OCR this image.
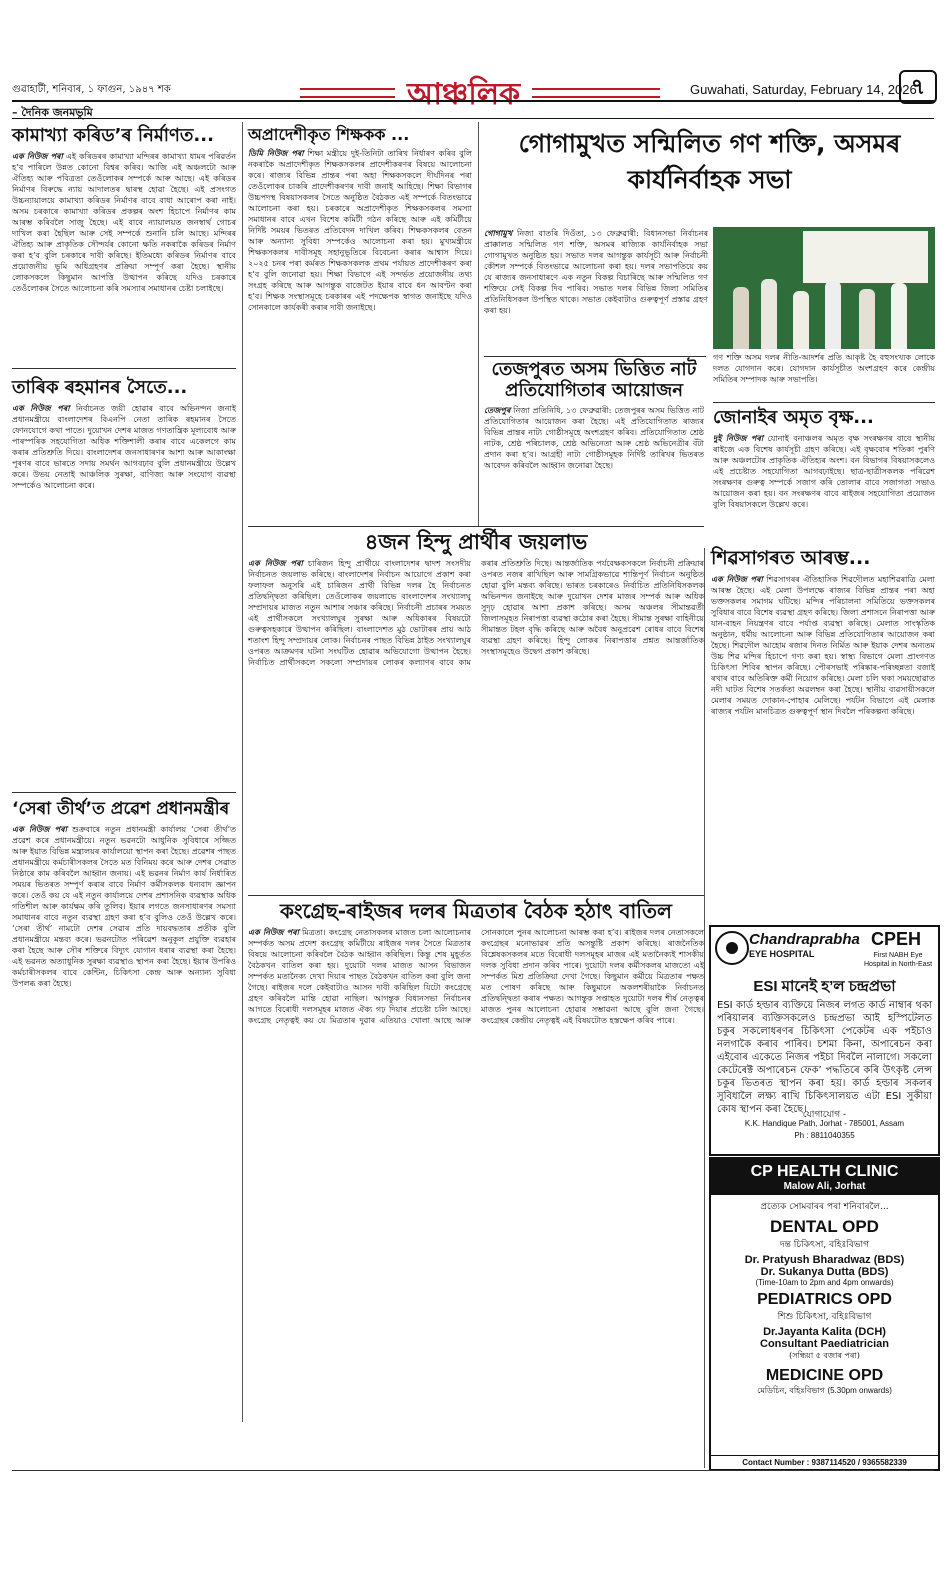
গুৱাহাটী, শনিবাৰ, ১ ফাগুন, ১৯৪৭ শক	আঞ্চলিক	Guwahati, Saturday, February 14, 2026
৭
– দৈনিক জনমভূমি
কামাখ্যা কৰিড’ৰ নিৰ্মাণত...

এক নিউজ পৰা এই কৰিডৰৰ কামাখ্যা মন্দিৰৰ কামাখ্যা ধামৰ পৰিৱৰ্তন হ’ব পাৰিলে উন্নত কোনো বিশ্বৰ কৰিব। আজি এই অঞ্চলটো আৰু ঐতিহ্য আৰু পবিত্ৰতা তেওঁলোকৰ সম্পৰ্কে আৰু আছে। এই কৰিডৰ নিৰ্মাণৰ বিৰুদ্ধে ন্যায় আদালতৰ দ্বাৰস্থ হোৱা হৈছে। এই প্ৰসংগত উচ্চন্যায়ালয়ে কামাখ্যা কৰিডৰ নিৰ্মাণৰ বাবে বাধা আৰোপ কৰা নাই। অসম চৰকাৰে কামাখ্যা কৰিডৰ প্ৰকল্পৰ অংশ হিচাপে নিৰ্মাণৰ কাম আৰম্ভ কৰিবলৈ সাজু হৈছে। এই বাবে ন্যায়ালয়ত জনস্বাৰ্থ গোচৰ দাখিল কৰা হৈছিল আৰু সেই সম্পৰ্কে শুনানি চলি আছে। মন্দিৰৰ ঐতিহ্য আৰু প্ৰাকৃতিক সৌন্দৰ্যৰ কোনো ক্ষতি নকৰাকৈ কৰিডৰ নিৰ্মাণ কৰা হ’ব বুলি চৰকাৰে দাবী কৰিছে। ইতিমধ্যে কৰিডৰ নিৰ্মাণৰ বাবে প্ৰয়োজনীয় ভূমি অধিগ্ৰহণৰ প্ৰক্ৰিয়া সম্পূৰ্ণ কৰা হৈছে। স্থানীয় লোকসকলে কিছুমান আপত্তি উত্থাপন কৰিছে যদিও চৰকাৰে তেওঁলোকৰ সৈতে আলোচনা কৰি সমস্যাৰ সমাধানৰ চেষ্টা চলাইছে।

তাৰিক ৰহমানৰ সৈতে...

এক নিউজ পৰা নিৰ্বাচনত জয়ী হোৱাৰ বাবে অভিনন্দন জনাই প্ৰধানমন্ত্ৰীয়ে বাংলাদেশৰ বিএনপি নেতা তাৰিক ৰহমানৰ সৈতে ফোনযোগে কথা পাতে। দুয়োখন দেশৰ মাজত গণতান্ত্ৰিক মূল্যবোধ আৰু পাৰস্পৰিক সহযোগিতা অধিক শক্তিশালী কৰাৰ বাবে একেলগে কাম কৰাৰ প্ৰতিশ্ৰুতি দিয়ে। বাংলাদেশৰ জনসাধাৰণৰ আশা আৰু আকাংক্ষা পূৰণৰ বাবে ভাৰতে সদায় সমৰ্থন আগবঢ়াব বুলি প্ৰধানমন্ত্ৰীয়ে উল্লেখ কৰে। উভয় নেতাই আঞ্চলিক সুৰক্ষা, বাণিজ্য আৰু সংযোগ ব্যৱস্থা সম্পৰ্কেও আলোচনা কৰে।

‘সেৰা তীৰ্থ’ত প্ৰৱেশ প্ৰধানমন্ত্ৰীৰ

এক নিউজ পৰা শুক্ৰবাৰে নতুন প্ৰধানমন্ত্ৰী কাৰ্যালয় ‘সেৰা তীৰ্থ’ত প্ৰৱেশ কৰে প্ৰধানমন্ত্ৰীয়ে। নতুন ভৱনটো আধুনিক সুবিধাৰে সজ্জিত আৰু ইয়াত বিভিন্ন মন্ত্ৰালয়ৰ কাৰ্যালয়ো স্থাপন কৰা হৈছে। প্ৰৱেশৰ পাছত প্ৰধানমন্ত্ৰীয়ে কৰ্মচাৰীসকলৰ সৈতে মত বিনিময় কৰে আৰু দেশৰ সেৱাত নিষ্ঠাৰে কাম কৰিবলৈ আহ্বান জনায়। এই ভৱনৰ নিৰ্মাণ কাৰ্য নিৰ্ধাৰিত সময়ৰ ভিতৰত সম্পূৰ্ণ কৰাৰ বাবে নিৰ্মাণ কৰ্মীসকলক ধন্যবাদ জ্ঞাপন কৰে। তেওঁ কয় যে এই নতুন কাৰ্যালয়ে দেশৰ প্ৰশাসনিক ব্যৱস্থাক অধিক গতিশীল আৰু কাৰ্যক্ষম কৰি তুলিব। ইয়াৰ লগতে জনসাধাৰণৰ সমস্যা সমাধানৰ বাবে নতুন ব্যৱস্থা গ্ৰহণ কৰা হ’ব বুলিও তেওঁ উল্লেখ কৰে। ‘সেৰা তীৰ্থ’ নামটো দেশৰ সেৱাৰ প্ৰতি দায়বদ্ধতাৰ প্ৰতীক বুলি প্ৰধানমন্ত্ৰীয়ে মন্তব্য কৰে। ভৱনটোত পৰিৱেশ অনুকূল প্ৰযুক্তি ব্যৱহাৰ কৰা হৈছে আৰু সৌৰ শক্তিৰে বিদ্যুৎ যোগান ধৰাৰ ব্যৱস্থা কৰা হৈছে। এই ভৱনত অত্যাধুনিক সুৰক্ষা ব্যৱস্থাও স্থাপন কৰা হৈছে। ইয়াৰ উপৰিও কৰ্মচাৰীসকলৰ বাবে কেন্টিন, চিকিৎসা কেন্দ্ৰ আৰু অন্যান্য সুবিধা উপলব্ধ কৰা হৈছে।

অপ্ৰাদেশীকৃত শিক্ষকক ...

ডিমি নিউজ পৰা শিক্ষা মন্ত্ৰীয়ে দুই-তিনিটা তাৰিখ নিৰ্ধাৰণ কৰিব বুলি নকৰাকৈ অপ্ৰাদেশীকৃত শিক্ষকসকলৰ প্ৰাদেশীকৰণৰ বিষয়ে আলোচনা কৰে। ৰাজ্যৰ বিভিন্ন প্ৰান্তৰ পৰা অহা শিক্ষকসকলে দীৰ্ঘদিনৰ পৰা তেওঁলোকৰ চাকৰি প্ৰাদেশীকৰণৰ দাবী জনাই আহিছে। শিক্ষা বিভাগৰ উচ্চপদস্থ বিষয়াসকলৰ সৈতে অনুষ্ঠিত বৈঠকত এই সম্পৰ্কে বিতংভাৱে আলোচনা কৰা হয়। চৰকাৰে অপ্ৰাদেশীকৃত শিক্ষকসকলৰ সমস্যা সমাধানৰ বাবে এখন বিশেষ কমিটী গঠন কৰিছে আৰু এই কমিটীয়ে নিৰ্দিষ্ট সময়ৰ ভিতৰত প্ৰতিবেদন দাখিল কৰিব। শিক্ষকসকলৰ বেতন আৰু অন্যান্য সুবিধা সম্পৰ্কেও আলোচনা কৰা হয়। মুখ্যমন্ত্ৰীয়ে শিক্ষকসকলৰ দাবীসমূহ সহানুভূতিৰে বিবেচনা কৰাৰ আশ্বাস দিয়ে। ২০২৫ চনৰ পৰা কৰ্মৰত শিক্ষকসকলক প্ৰথম পৰ্যায়ত প্ৰাদেশীকৰণ কৰা হ’ব বুলি জনোৱা হয়। শিক্ষা বিভাগে এই সন্দৰ্ভত প্ৰয়োজনীয় তথ্য সংগ্ৰহ কৰিছে আৰু আগন্তুক বাজেটত ইয়াৰ বাবে ধন আবণ্টন কৰা হ’ব। শিক্ষক সংস্থাসমূহে চৰকাৰৰ এই পদক্ষেপক স্বাগত জনাইছে যদিও সোনকালে কাৰ্যকৰী কৰাৰ দাবী জনাইছে।

৪জন হিন্দু প্ৰাৰ্থীৰ জয়লাভ

এক নিউজ পৰা চাৰিজন হিন্দু প্ৰাৰ্থীয়ে বাংলাদেশৰ দ্বাদশ সংসদীয় নিৰ্বাচনত জয়লাভ কৰিছে। বাংলাদেশৰ নিৰ্বাচন আয়োগে প্ৰকাশ কৰা ফলাফল অনুসৰি এই চাৰিজন প্ৰাৰ্থী বিভিন্ন দলৰ হৈ নিৰ্বাচনত প্ৰতিদ্বন্দ্বিতা কৰিছিল। তেওঁলোকৰ জয়লাভে বাংলাদেশৰ সংখ্যালঘু সম্প্ৰদায়ৰ মাজত নতুন আশাৰ সঞ্চাৰ কৰিছে। নিৰ্বাচনী প্ৰচাৰৰ সময়ত এই প্ৰাৰ্থীসকলে সংখ্যালঘুৰ সুৰক্ষা আৰু অধিকাৰৰ বিষয়টো গুৰুত্বসহকাৰে উত্থাপন কৰিছিল। বাংলাদেশত মুঠ ভোটাৰৰ প্ৰায় আঠ শতাংশ হিন্দু সম্প্ৰদায়ৰ লোক। নিৰ্বাচনৰ পাছত বিভিন্ন ঠাইত সংখ্যালঘুৰ ওপৰত আক্ৰমণৰ ঘটনা সংঘটিত হোৱাৰ অভিযোগো উত্থাপন হৈছে। নিৰ্বাচিত প্ৰাৰ্থীসকলে সকলো সম্প্ৰদায়ৰ লোকৰ কল্যাণৰ বাবে কাম কৰাৰ প্ৰতিশ্ৰুতি দিছে। আন্তৰ্জাতিক পৰ্যবেক্ষকসকলে নিৰ্বাচনী প্ৰক্ৰিয়াৰ ওপৰত নজৰ ৰাখিছিল আৰু সামগ্ৰিকভাৱে শান্তিপূৰ্ণ নিৰ্বাচন অনুষ্ঠিত হোৱা বুলি মন্তব্য কৰিছে। ভাৰত চৰকাৰেও নিৰ্বাচিত প্ৰতিনিধিসকলক অভিনন্দন জনাইছে আৰু দুয়োখন দেশৰ মাজৰ সম্পৰ্ক আৰু অধিক সুদৃঢ় হোৱাৰ আশা প্ৰকাশ কৰিছে। অসম অঞ্চলৰ সীমান্তৱৰ্তী জিলাসমূহত নিৰাপত্তা ব্যৱস্থা কঠোৰ কৰা হৈছে। সীমান্ত সুৰক্ষা বাহিনীয়ে সীমান্তত টহল বৃদ্ধি কৰিছে আৰু অবৈধ অনুপ্ৰৱেশ ৰোধৰ বাবে বিশেষ ব্যৱস্থা গ্ৰহণ কৰিছে। হিন্দু লোকৰ নিৰাপত্তাৰ প্ৰশ্নত আন্তৰ্জাতিক সংস্থাসমূহেও উদ্বেগ প্ৰকাশ কৰিছে।

কংগ্ৰেছ-ৰাইজৰ দলৰ মিত্ৰতাৰ বৈঠক হঠাৎ বাতিল

এক নিউজ পৰা মিত্ৰতা। কংগ্ৰেছ নেতাসকলৰ মাজত চলা আলোচনাৰ সম্পৰ্কত অসম প্ৰদেশ কংগ্ৰেছ কমিটীয়ে ৰাইজৰ দলৰ সৈতে মিত্ৰতাৰ বিষয়ে আলোচনা কৰিবলৈ বৈঠক আহ্বান কৰিছিল। কিন্তু শেষ মুহূৰ্তত বৈঠকখন বাতিল কৰা হয়। দুয়োটা দলৰ মাজত আসন বিভাজন সম্পৰ্কত মতানৈক্য দেখা দিয়াৰ পাছত বৈঠকখন বাতিল কৰা বুলি জনা গৈছে। ৰাইজৰ দলে কেইবাটাও আসন দাবী কৰিছিল যিটো কংগ্ৰেছে গ্ৰহণ কৰিবলৈ মান্তি হোৱা নাছিল। আগন্তুক বিধানসভা নিৰ্বাচনৰ আগতে বিৰোধী দলসমূহৰ মাজত ঐক্য গঢ় দিয়াৰ প্ৰচেষ্টা চলি আছে। কংগ্ৰেছ নেতৃত্বই কয় যে মিত্ৰতাৰ দুৱাৰ এতিয়াও খোলা আছে আৰু সোনকালে পুনৰ আলোচনা আৰম্ভ কৰা হ’ব। ৰাইজৰ দলৰ নেতাসকলে কংগ্ৰেছৰ মনোভাৱৰ প্ৰতি অসন্তুষ্টি প্ৰকাশ কৰিছে। ৰাজনৈতিক বিশ্লেষকসকলৰ মতে বিৰোধী দলসমূহৰ মাজৰ এই মতানৈক্যই শাসকীয় দলক সুবিধা প্ৰদান কৰিব পাৰে। দুয়োটা দলৰ কৰ্মীসকলৰ মাজতো এই সম্পৰ্কত মিশ্ৰ প্ৰতিক্ৰিয়া দেখা গৈছে। কিছুমান কৰ্মীয়ে মিত্ৰতাৰ পক্ষত মত পোষণ কৰিছে আৰু কিছুমানে অকলশৰীয়াকৈ নিৰ্বাচনত প্ৰতিদ্বন্দ্বিতা কৰাৰ পক্ষত। আগন্তুক সপ্তাহত দুয়োটা দলৰ শীৰ্ষ নেতৃত্বৰ মাজত পুনৰ আলোচনা হোৱাৰ সম্ভাৱনা আছে বুলি জনা গৈছে। কংগ্ৰেছৰ কেন্দ্ৰীয় নেতৃত্বই এই বিষয়টোত হস্তক্ষেপ কৰিব পাৰে।

গোগামুখত সন্মিলিত গণ শক্তি, অসমৰ কাৰ্যনিৰ্বাহক সভা

গোগামুখ নিজা বাতৰি দিওঁতা, ১৩ ফেব্ৰুৱাৰী: বিধানসভা নিৰ্বাচনৰ প্ৰাক্কালত সন্মিলিত গণ শক্তি, অসমৰ ৰাজ্যিক কাৰ্যনিৰ্বাহক সভা গোগামুখত অনুষ্ঠিত হয়। সভাত দলৰ আগন্তুক কাৰ্যসূচী আৰু নিৰ্বাচনী কৌশল সম্পৰ্কে বিতংভাৱে আলোচনা কৰা হয়। দলৰ সভাপতিয়ে কয় যে ৰাজ্যৰ জনসাধাৰণে এক নতুন বিকল্প বিচাৰিছে আৰু সন্মিলিত গণ শক্তিয়ে সেই বিকল্প দিব পাৰিব। সভাত দলৰ বিভিন্ন জিলা সমিতিৰ প্ৰতিনিধিসকল উপস্থিত থাকে। সভাত কেইবাটাও গুৰুত্বপূৰ্ণ প্ৰস্তাৱ গ্ৰহণ কৰা হয়।

গণ শক্তি অসম দলৰ নীতি-আদৰ্শৰ প্ৰতি আকৃষ্ট হৈ বহুসংখ্যক লোকে দলত যোগদান কৰে। যোগদান কাৰ্যসূচীত অংশগ্ৰহণ কৰে কেন্দ্ৰীয় সমিতিৰ সম্পাদক আৰু সভাপতি।

তেজপুৰত অসম ভিত্তিত নাট প্ৰতিযোগিতাৰ আয়োজন

তেজপুৰ নিজা প্ৰতিনিধি, ১৩ ফেব্ৰুৱাৰী: তেজপুৰৰ অসম ভিত্তিত নাট প্ৰতিযোগিতাৰ আয়োজন কৰা হৈছে। এই প্ৰতিযোগিতাত ৰাজ্যৰ বিভিন্ন প্ৰান্তৰ নাট্য গোষ্ঠীসমূহে অংশগ্ৰহণ কৰিব। প্ৰতিযোগিতাত শ্ৰেষ্ঠ নাটক, শ্ৰেষ্ঠ পৰিচালক, শ্ৰেষ্ঠ অভিনেতা আৰু শ্ৰেষ্ঠ অভিনেত্ৰীৰ বঁটা প্ৰদান কৰা হ’ব। আগ্ৰহী নাট্য গোষ্ঠীসমূহক নিৰ্দিষ্ট তাৰিখৰ ভিতৰত আবেদন কৰিবলৈ আহ্বান জনোৱা হৈছে।

জোনাইৰ অমৃত বৃক্ষ...

দুই নিউজ পৰা যোনাই বনাঞ্চলৰ অমৃত বৃক্ষ সংৰক্ষণৰ বাবে স্থানীয় ৰাইজে এক বিশেষ কাৰ্যসূচী গ্ৰহণ কৰিছে। এই বৃক্ষবোৰ শতিকা পুৰণি আৰু অঞ্চলটোৰ প্ৰাকৃতিক ঐতিহ্যৰ অংশ। বন বিভাগৰ বিষয়াসকলেও এই প্ৰচেষ্টাত সহযোগিতা আগবঢ়াইছে। ছাত্ৰ-ছাত্ৰীসকলক পৰিৱেশ সংৰক্ষণৰ গুৰুত্ব সম্পৰ্কে সজাগ কৰি তোলাৰ বাবে সজাগতা সভাও আয়োজন কৰা হয়। বন সংৰক্ষণৰ বাবে ৰাইজৰ সহযোগিতা প্ৰয়োজন বুলি বিষয়াসকলে উল্লেখ কৰে।

শিৱসাগৰত আৰম্ভ...

এক নিউজ পৰা শিৱসাগৰৰ ঐতিহাসিক শিৱদৌলত মহাশিৱৰাত্ৰি মেলা আৰম্ভ হৈছে। এই মেলা উপলক্ষে ৰাজ্যৰ বিভিন্ন প্ৰান্তৰ পৰা অহা ভক্তসকলৰ সমাগম ঘটিছে। মন্দিৰ পৰিচালনা সমিতিয়ে ভক্তসকলৰ সুবিধাৰ বাবে বিশেষ ব্যৱস্থা গ্ৰহণ কৰিছে। জিলা প্ৰশাসনে নিৰাপত্তা আৰু যান-বাহন নিয়ন্ত্ৰণৰ বাবে পৰ্যাপ্ত ব্যৱস্থা কৰিছে। মেলাত সাংস্কৃতিক অনুষ্ঠান, ধৰ্মীয় আলোচনা আৰু বিভিন্ন প্ৰতিযোগিতাৰ আয়োজন কৰা হৈছে। শিৱদৌল আহোম ৰজাৰ দিনত নিৰ্মিত আৰু ইয়াক দেশৰ অন্যতম উচ্চ শিৱ মন্দিৰ হিচাপে গণ্য কৰা হয়। স্বাস্থ্য বিভাগে মেলা প্ৰাংগণত চিকিৎসা শিবিৰ স্থাপন কৰিছে। পৌৰসভাই পৰিষ্কাৰ-পৰিচ্ছন্নতা বজাই ৰখাৰ বাবে অতিৰিক্ত কৰ্মী নিয়োগ কৰিছে। মেলা চলি থকা সময়ছোৱাত নদী ঘাটত বিশেষ সতৰ্কতা অৱলম্বন কৰা হৈছে। স্থানীয় ব্যৱসায়ীসকলে মেলাৰ সময়ত দোকান-পোহাৰ মেলিছে। পৰ্যটন বিভাগে এই মেলাক ৰাজ্যৰ পৰ্যটন মানচিত্ৰত গুৰুত্বপূৰ্ণ স্থান দিবলৈ পৰিকল্পনা কৰিছে।

Chandraprabha
EYE HOSPITAL
CPEH
First NABH Eye Hospital in North-East
ESI মানেই হ’ল চন্দ্ৰপ্ৰভা
ESI কাৰ্ড হল্ডাৰ ব্যক্তিয়ে নিজৰ লগত কাৰ্ড নাম্বাৰ থকা পৰিয়ালৰ ব্যক্তিসকলেও চন্দ্ৰপ্ৰভা আই হস্পিটেলত চকুৰ সকলোধৰণৰ চিকিৎসা পেকেটৰ এক পইচাও নলগাকৈ কৰাব পাৰিব। চশমা কিনা, অপাৰেচন কৰা এইবোৰ একেতে নিজৰ পইচা দিবলৈ নালাগে। সকলো কেটেৰেক্ট অপাৰেচন ফেক’ পদ্ধতিৰে কৰি উৎকৃষ্ট লেন্স চকুৰ ভিতৰত স্থাপন কৰা হয়। কাৰ্ড হল্ডাৰ সকলৰ সুবিধালৈ লক্ষ্য ৰাখি চিকিৎসালয়ত এটা ESI সুকীয়া কোষ স্থাপন কৰা হৈছে।
যোগাযোগ -
K.K. Handique Path, Jorhat - 785001, Assam
Ph : 8811040355
CP HEALTH CLINIC
Malow Ali, Jorhat
প্ৰত্যেক সোমবাৰৰ পৰা শনিবাৰলৈ...
DENTAL OPD
দন্ত চিকিৎসা, বহিঃবিভাগ
Dr. Pratyush Bharadwaz (BDS)
Dr. Sukanya Dutta (BDS)
(Time-10am to 2pm and 4pm onwards)
PEDIATRICS OPD
শিশু চিকিৎসা, বহিঃবিভাগ
Dr.Jayanta Kalita (DCH)
Consultant Paediatrician
(সন্ধিয়া ৫ বজাৰ পৰা)
MEDICINE OPD
মেডিচিন, বহিঃবিভাগ (5.30pm onwards)
Contact Number : 9387114520 / 9365582339
